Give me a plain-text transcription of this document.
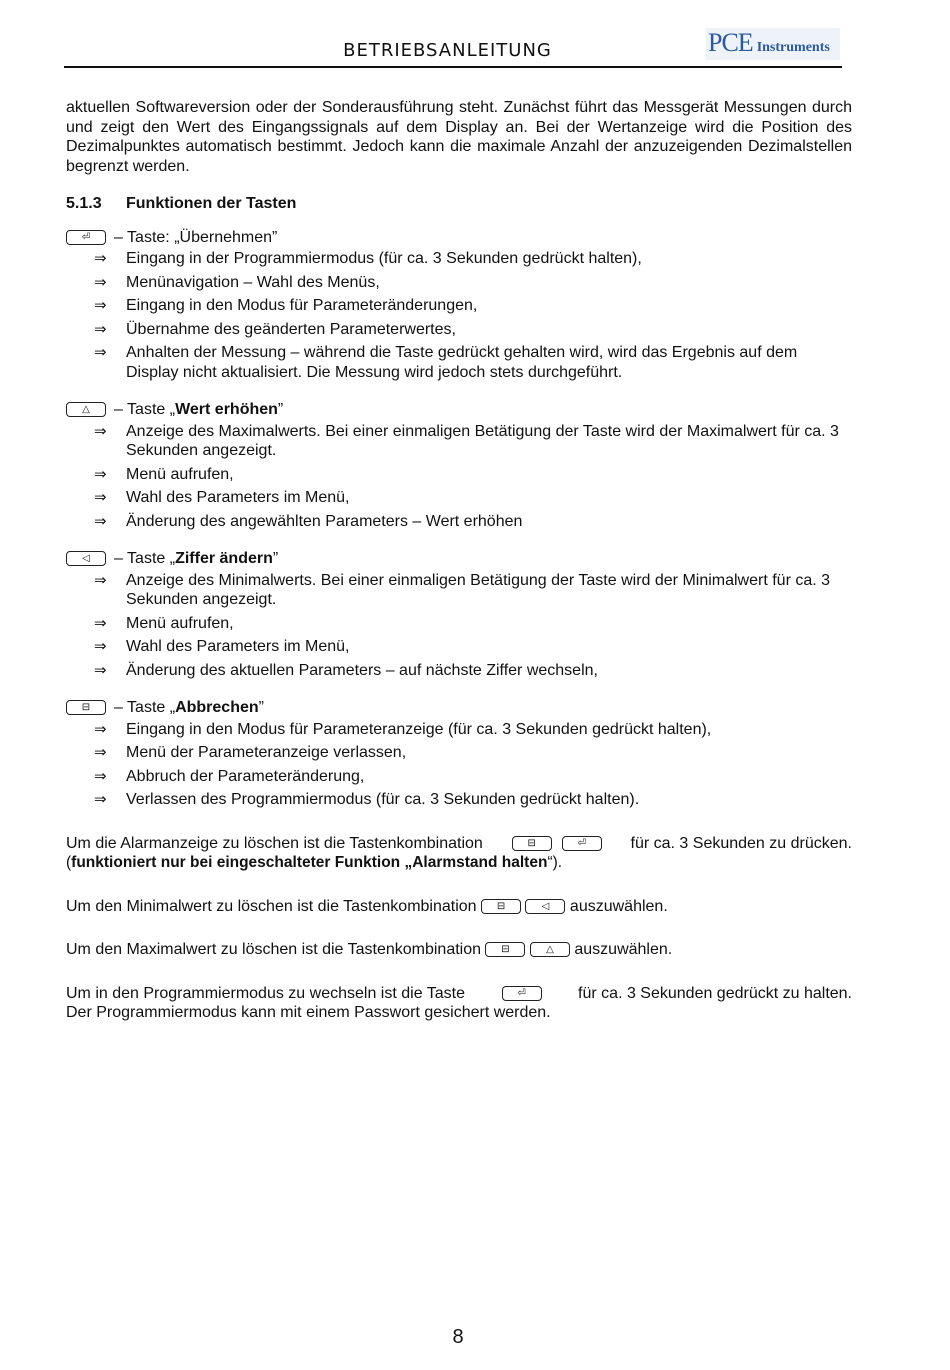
BETRIEBSANLEITUNG	PCE Instruments

aktuellen Softwareversion oder der Sonderausführung steht. Zunächst führt das Messgerät Messungen durch und zeigt den Wert des Eingangssignals auf dem Display an. Bei der Wertanzeige wird die Position des Dezimalpunktes automatisch bestimmt. Jedoch kann die maximale Anzahl der anzuzeigenden Dezimalstellen begrenzt werden.

5.1.3 Funktionen der Tasten
⏎	– Taste: „Übernehmen”
⇒ Eingang in der Programmiermodus (für ca. 3 Sekunden gedrückt halten),
⇒ Menünavigation – Wahl des Menüs,
⇒ Eingang in den Modus für Parameteränderungen,
⇒ Übernahme des geänderten Parameterwertes,
⇒ Anhalten der Messung – während die Taste gedrückt gehalten wird, wird das Ergebnis auf dem Display nicht aktualisiert. Die Messung wird jedoch stets durchgeführt.
△	– Taste „Wert erhöhen”
⇒ Anzeige des Maximalwerts. Bei einer einmaligen Betätigung der Taste wird der Maximalwert für ca. 3 Sekunden angezeigt.
⇒ Menü aufrufen,
⇒ Wahl des Parameters im Menü,
⇒ Änderung des angewählten Parameters – Wert erhöhen
◁	– Taste „Ziffer ändern”
⇒ Anzeige des Minimalwerts. Bei einer einmaligen Betätigung der Taste wird der Minimalwert für ca. 3 Sekunden angezeigt.
⇒ Menü aufrufen,
⇒ Wahl des Parameters im Menü,
⇒ Änderung des aktuellen Parameters – auf nächste Ziffer wechseln,
⊟	– Taste „Abbrechen”
⇒ Eingang in den Modus für Parameteranzeige (für ca. 3 Sekunden gedrückt halten),
⇒ Menü der Parameteranzeige verlassen,
⇒ Abbruch der Parameteränderung,
⇒ Verlassen des Programmiermodus (für ca. 3 Sekunden gedrückt halten).

Um die Alarmanzeige zu löschen ist die Tastenkombination	⊟	⏎	für ca. 3 Sekunden zu drücken.

(funktioniert nur bei eingeschalteter Funktion „Alarmstand halten“).

Um den Minimalwert zu löschen ist die Tastenkombination ⊟	◁ auszuwählen.

Um den Maximalwert zu löschen ist die Tastenkombination ⊟	△ auszuwählen.

Um in den Programmiermodus zu wechseln ist die Taste	⏎	für ca. 3 Sekunden gedrückt zu halten.

Der Programmiermodus kann mit einem Passwort gesichert werden.

8
